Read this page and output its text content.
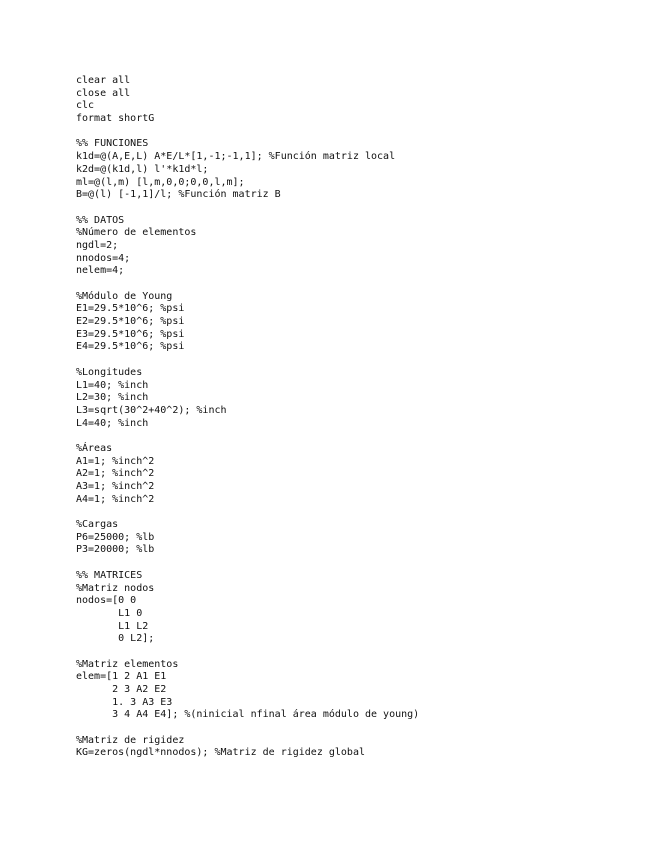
clear all
close all
clc
format shortG

%% FUNCIONES
k1d=@(A,E,L) A*E/L*[1,-1;-1,1]; %Función matriz local
k2d=@(k1d,l) l'*k1d*l;
ml=@(l,m) [l,m,0,0;0,0,l,m];
B=@(l) [-1,1]/l; %Función matriz B

%% DATOS
%Número de elementos
ngdl=2;
nnodos=4;
nelem=4;

%Módulo de Young
E1=29.5*10^6; %psi
E2=29.5*10^6; %psi
E3=29.5*10^6; %psi
E4=29.5*10^6; %psi

%Longitudes
L1=40; %inch
L2=30; %inch
L3=sqrt(30^2+40^2); %inch
L4=40; %inch

%Áreas
A1=1; %inch^2
A2=1; %inch^2
A3=1; %inch^2
A4=1; %inch^2

%Cargas
P6=25000; %lb
P3=20000; %lb

%% MATRICES
%Matriz nodos
nodos=[0 0
L1 0
L1 L2
0 L2];

%Matriz elementos
elem=[1 2 A1 E1
2 3 A2 E2
1. 3 A3 E3
3 4 A4 E4]; %(ninicial nfinal área módulo de young)

%Matriz de rigidez
KG=zeros(ngdl*nnodos); %Matriz de rigidez global
